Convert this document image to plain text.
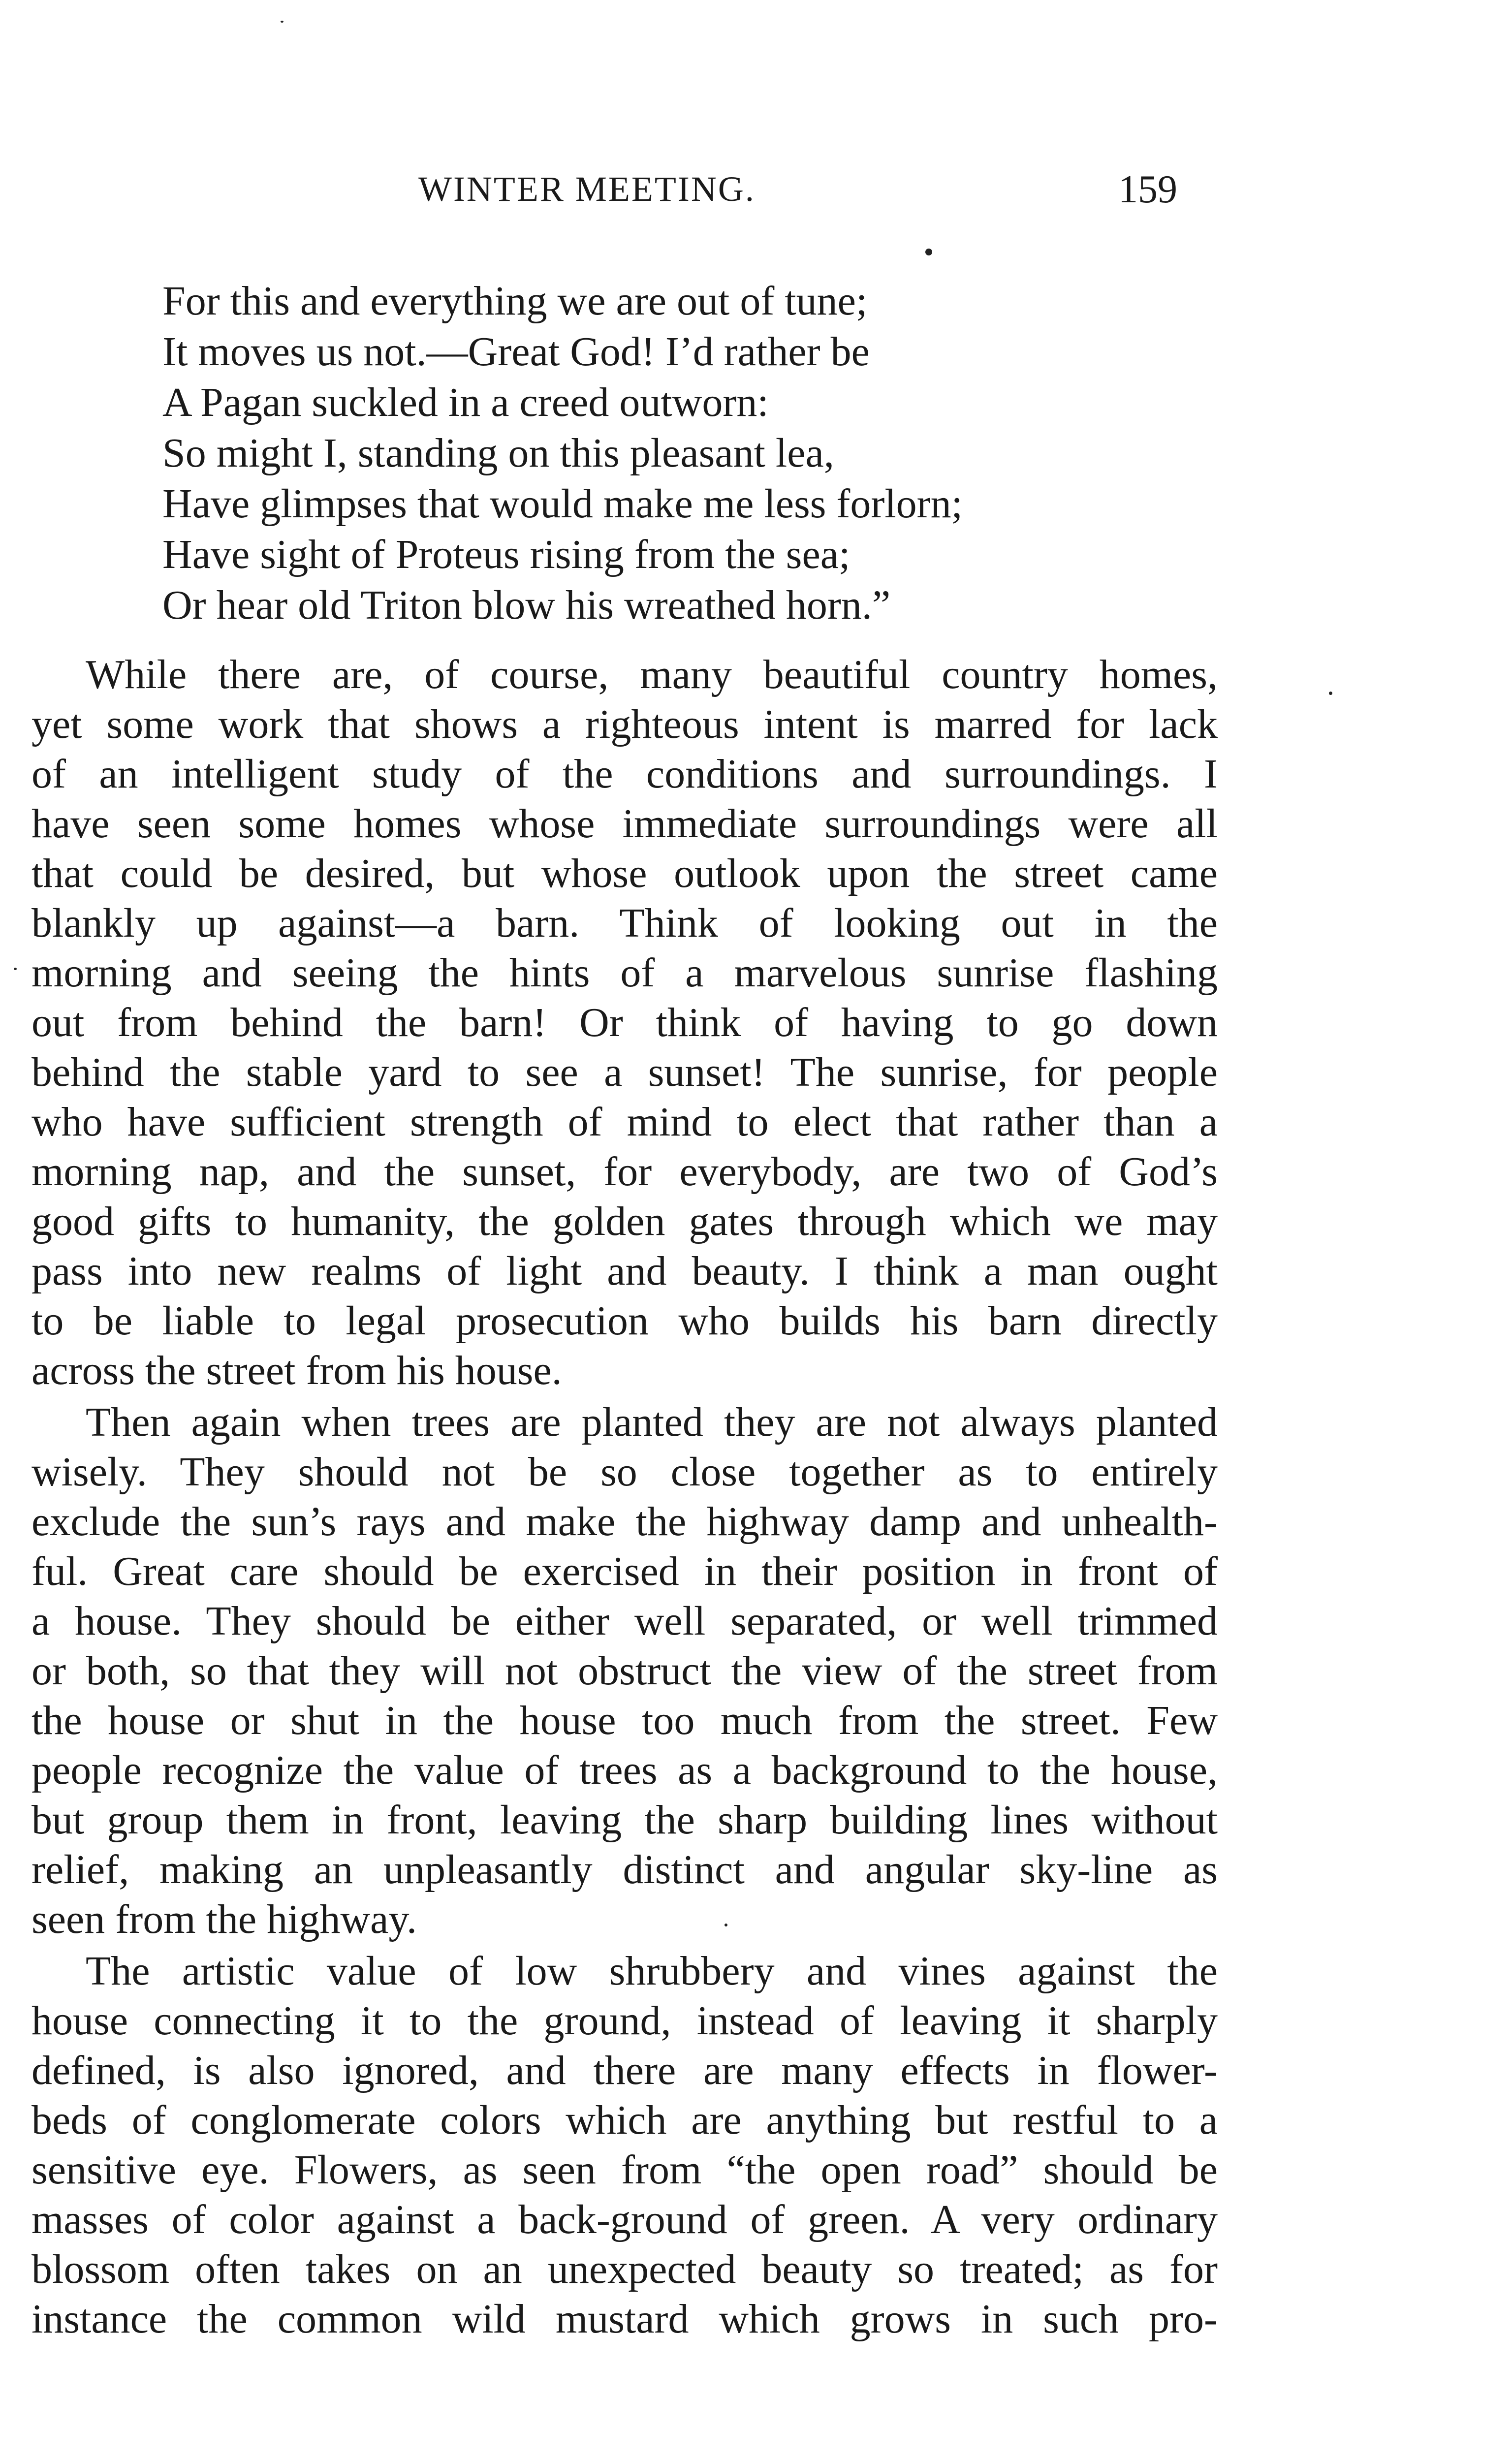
WINTER MEETING.	159
For this and everything we are out of tune;
It moves us not.—Great God! I’d rather be
A Pagan suckled in a creed outworn:
So might I, standing on this pleasant lea,
Have glimpses that would make me less forlorn;
Have sight of Proteus rising from the sea;
Or hear old Triton blow his wreathed horn.”
While there are, of course, many beautiful country homes,
yet some work that shows a righteous intent is marred for lack
of an intelligent study of the conditions and surroundings. I
have seen some homes whose immediate surroundings were all
that could be desired, but whose outlook upon the street came
blankly up against—a barn. Think of looking out in the
morning and seeing the hints of a marvelous sunrise flashing
out from behind the barn! Or think of having to go down
behind the stable yard to see a sunset! The sunrise, for people
who have sufficient strength of mind to elect that rather than a
morning nap, and the sunset, for everybody, are two of God’s
good gifts to humanity, the golden gates through which we may
pass into new realms of light and beauty. I think a man ought
to be liable to legal prosecution who builds his barn directly
across the street from his house.
Then again when trees are planted they are not always planted
wisely. They should not be so close together as to entirely
exclude the sun’s rays and make the highway damp and unhealth-
ful. Great care should be exercised in their position in front of
a house. They should be either well separated, or well trimmed
or both, so that they will not obstruct the view of the street from
the house or shut in the house too much from the street. Few
people recognize the value of trees as a background to the house,
but group them in front, leaving the sharp building lines without
relief, making an unpleasantly distinct and angular sky-line as
seen from the highway.
The artistic value of low shrubbery and vines against the
house connecting it to the ground, instead of leaving it sharply
defined, is also ignored, and there are many effects in flower-
beds of conglomerate colors which are anything but restful to a
sensitive eye. Flowers, as seen from “the open road” should be
masses of color against a back-ground of green. A very ordinary
blossom often takes on an unexpected beauty so treated; as for
instance the common wild mustard which grows in such pro-
